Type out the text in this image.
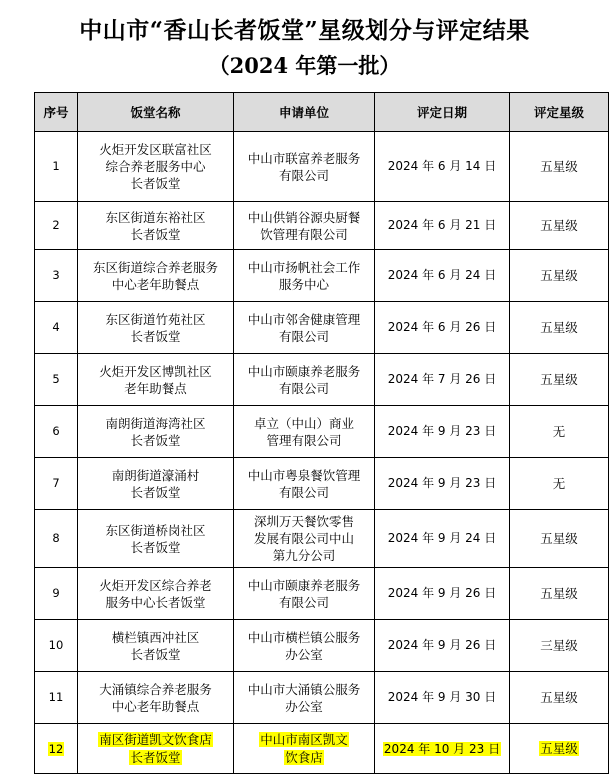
中山市“香山长者饭堂”星级划分与评定结果
（2024 年第一批）
序号	饭堂名称	申请单位	评定日期	评定星级
1	火炬开发区联富社区
综合养老服务中心
长者饭堂	中山市联富养老服务
有限公司	2024 年 6 月 14 日	五星级
2	东区街道东裕社区
长者饭堂	中山供销谷源央厨餐
饮管理有限公司	2024 年 6 月 21 日	五星级
3	东区街道综合养老服务
中心老年助餐点	中山市扬帆社会工作
服务中心	2024 年 6 月 24 日	五星级
4	东区街道竹苑社区
长者饭堂	中山市邻舍健康管理
有限公司	2024 年 6 月 26 日	五星级
5	火炬开发区博凯社区
老年助餐点	中山市颐康养老服务
有限公司	2024 年 7 月 26 日	五星级
6	南朗街道海湾社区
长者饭堂	卓立（中山）商业
管理有限公司	2024 年 9 月 23 日	无
7	南朗街道濠涌村
长者饭堂	中山市粤泉餐饮管理
有限公司	2024 年 9 月 23 日	无
8	东区街道桥岗社区
长者饭堂	深圳万天餐饮零售
发展有限公司中山
第九分公司	2024 年 9 月 24 日	五星级
9	火炬开发区综合养老
服务中心长者饭堂	中山市颐康养老服务
有限公司	2024 年 9 月 26 日	五星级
10	横栏镇西冲社区
长者饭堂	中山市横栏镇公服务
办公室	2024 年 9 月 26 日	三星级
11	大涌镇综合养老服务
中心老年助餐点	中山市大涌镇公服务
办公室	2024 年 9 月 30 日	五星级
12	南区街道凯文饮食店
长者饭堂	中山市南区凯文
饮食店	2024 年 10 月 23 日	五星级
